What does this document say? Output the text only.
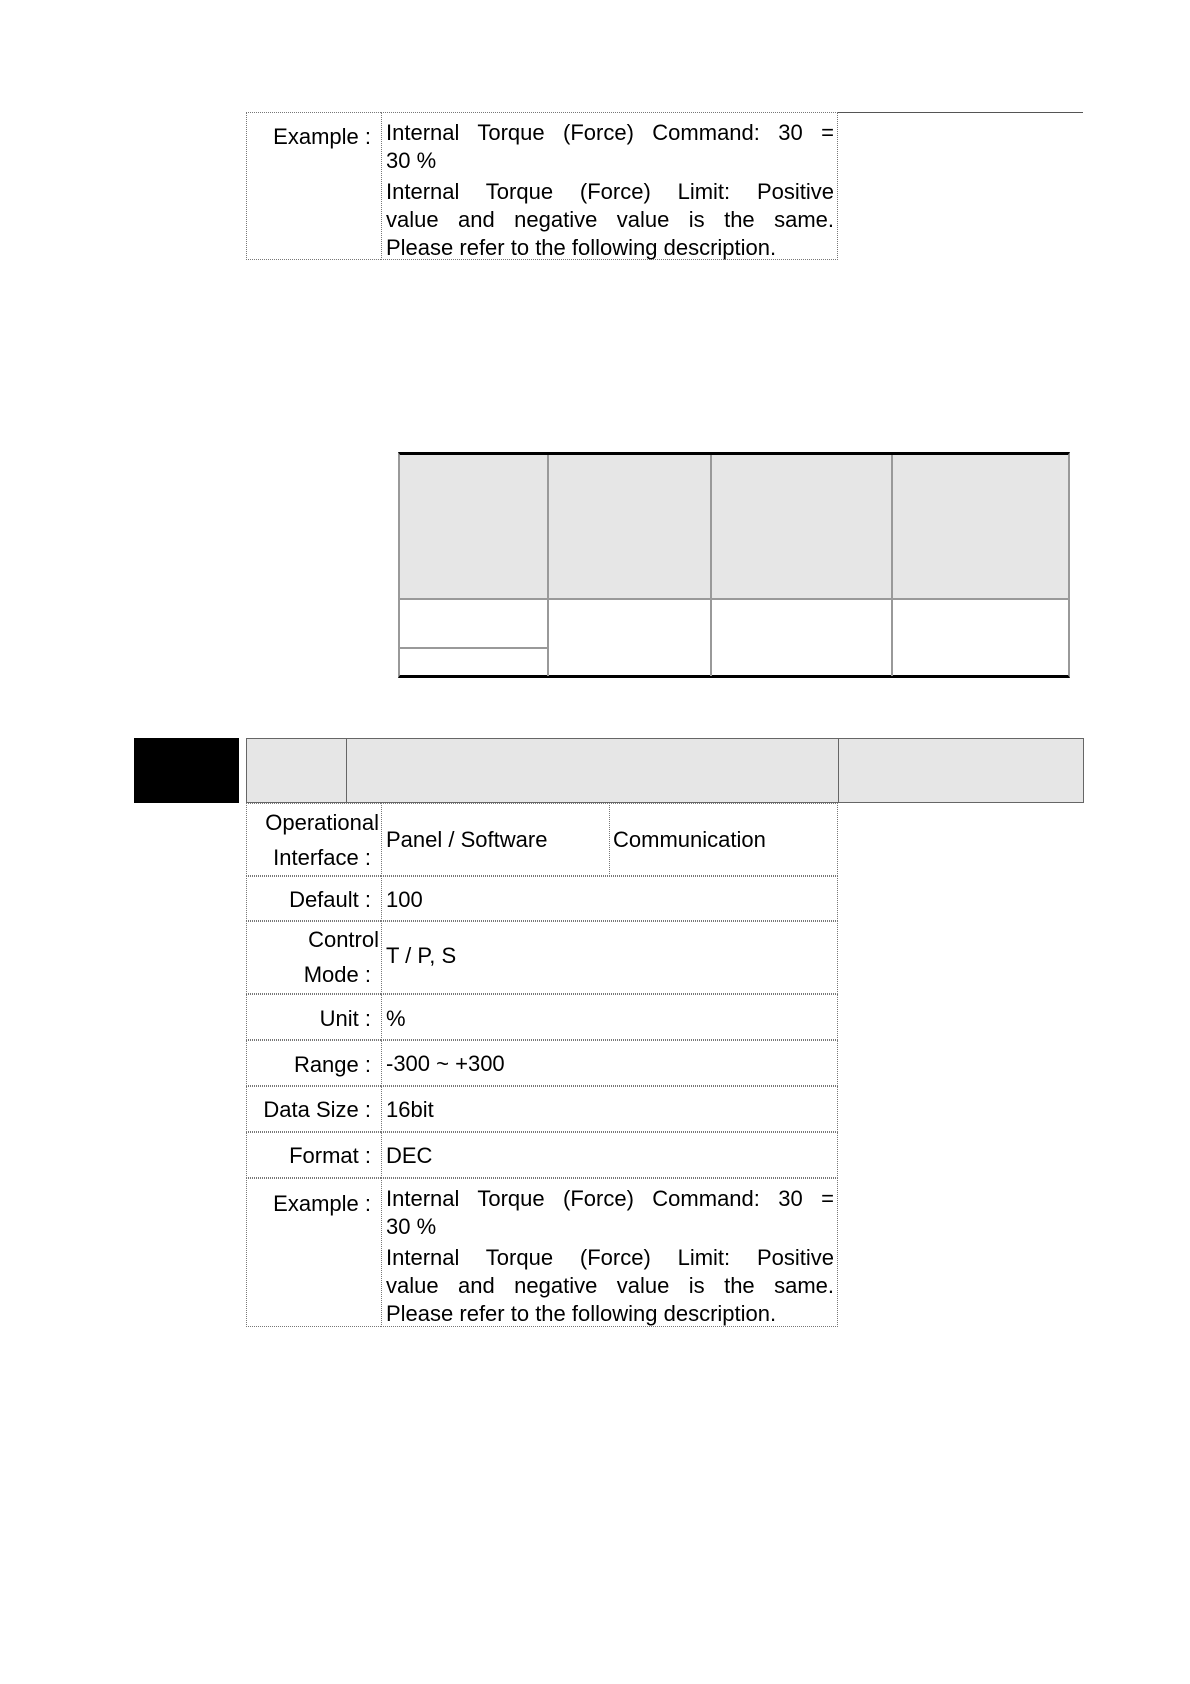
Example : Internal Torque (Force) Command: 30 =
30 %
Internal Torque (Force) Limit: Positive
value and negative value is the same.
Please refer to the following description.
Operational
Interface :
Panel / Software	Communication
Default : 100
Control
Mode :
T / P, S
Unit : %
Range : -300 ~ +300
Data Size : 16bit
Format : DEC
Example : Internal Torque (Force) Command: 30 =
30 %
Internal Torque (Force) Limit: Positive
value and negative value is the same.
Please refer to the following description.
